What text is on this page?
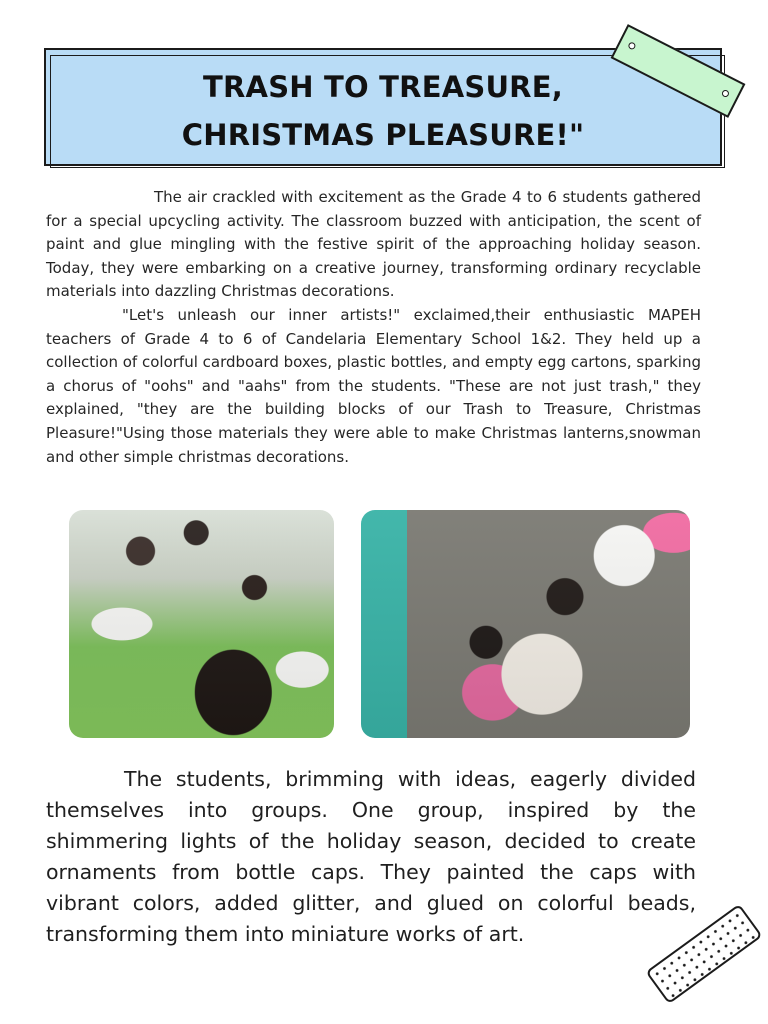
TRASH TO TREASURE,
CHRISTMAS PLEASURE!"
The air crackled with excitement as the Grade 4 to 6 students gathered for a special upcycling activity. The classroom buzzed with anticipation, the scent of paint and glue mingling with the festive spirit of the approaching holiday season. Today, they were embarking on a creative journey, transforming ordinary recyclable materials into dazzling Christmas decorations.
"Let's unleash our inner artists!" exclaimed,their enthusiastic MAPEH teachers of Grade 4 to 6 of Candelaria Elementary School 1&2. They held up a collection of colorful cardboard boxes, plastic bottles, and empty egg cartons, sparking a chorus of "oohs" and "aahs" from the students. "These are not just trash," they explained, "they are the building blocks of our Trash to Treasure, Christmas Pleasure!"Using those materials they were able to make Christmas lanterns,snowman and other simple christmas decorations.
The students, brimming with ideas, eagerly divided themselves into groups. One group, inspired by the shimmering lights of the holiday season, decided to create ornaments from bottle caps. They painted the caps with vibrant colors, added glitter, and glued on colorful beads, transforming them into miniature works of art.
